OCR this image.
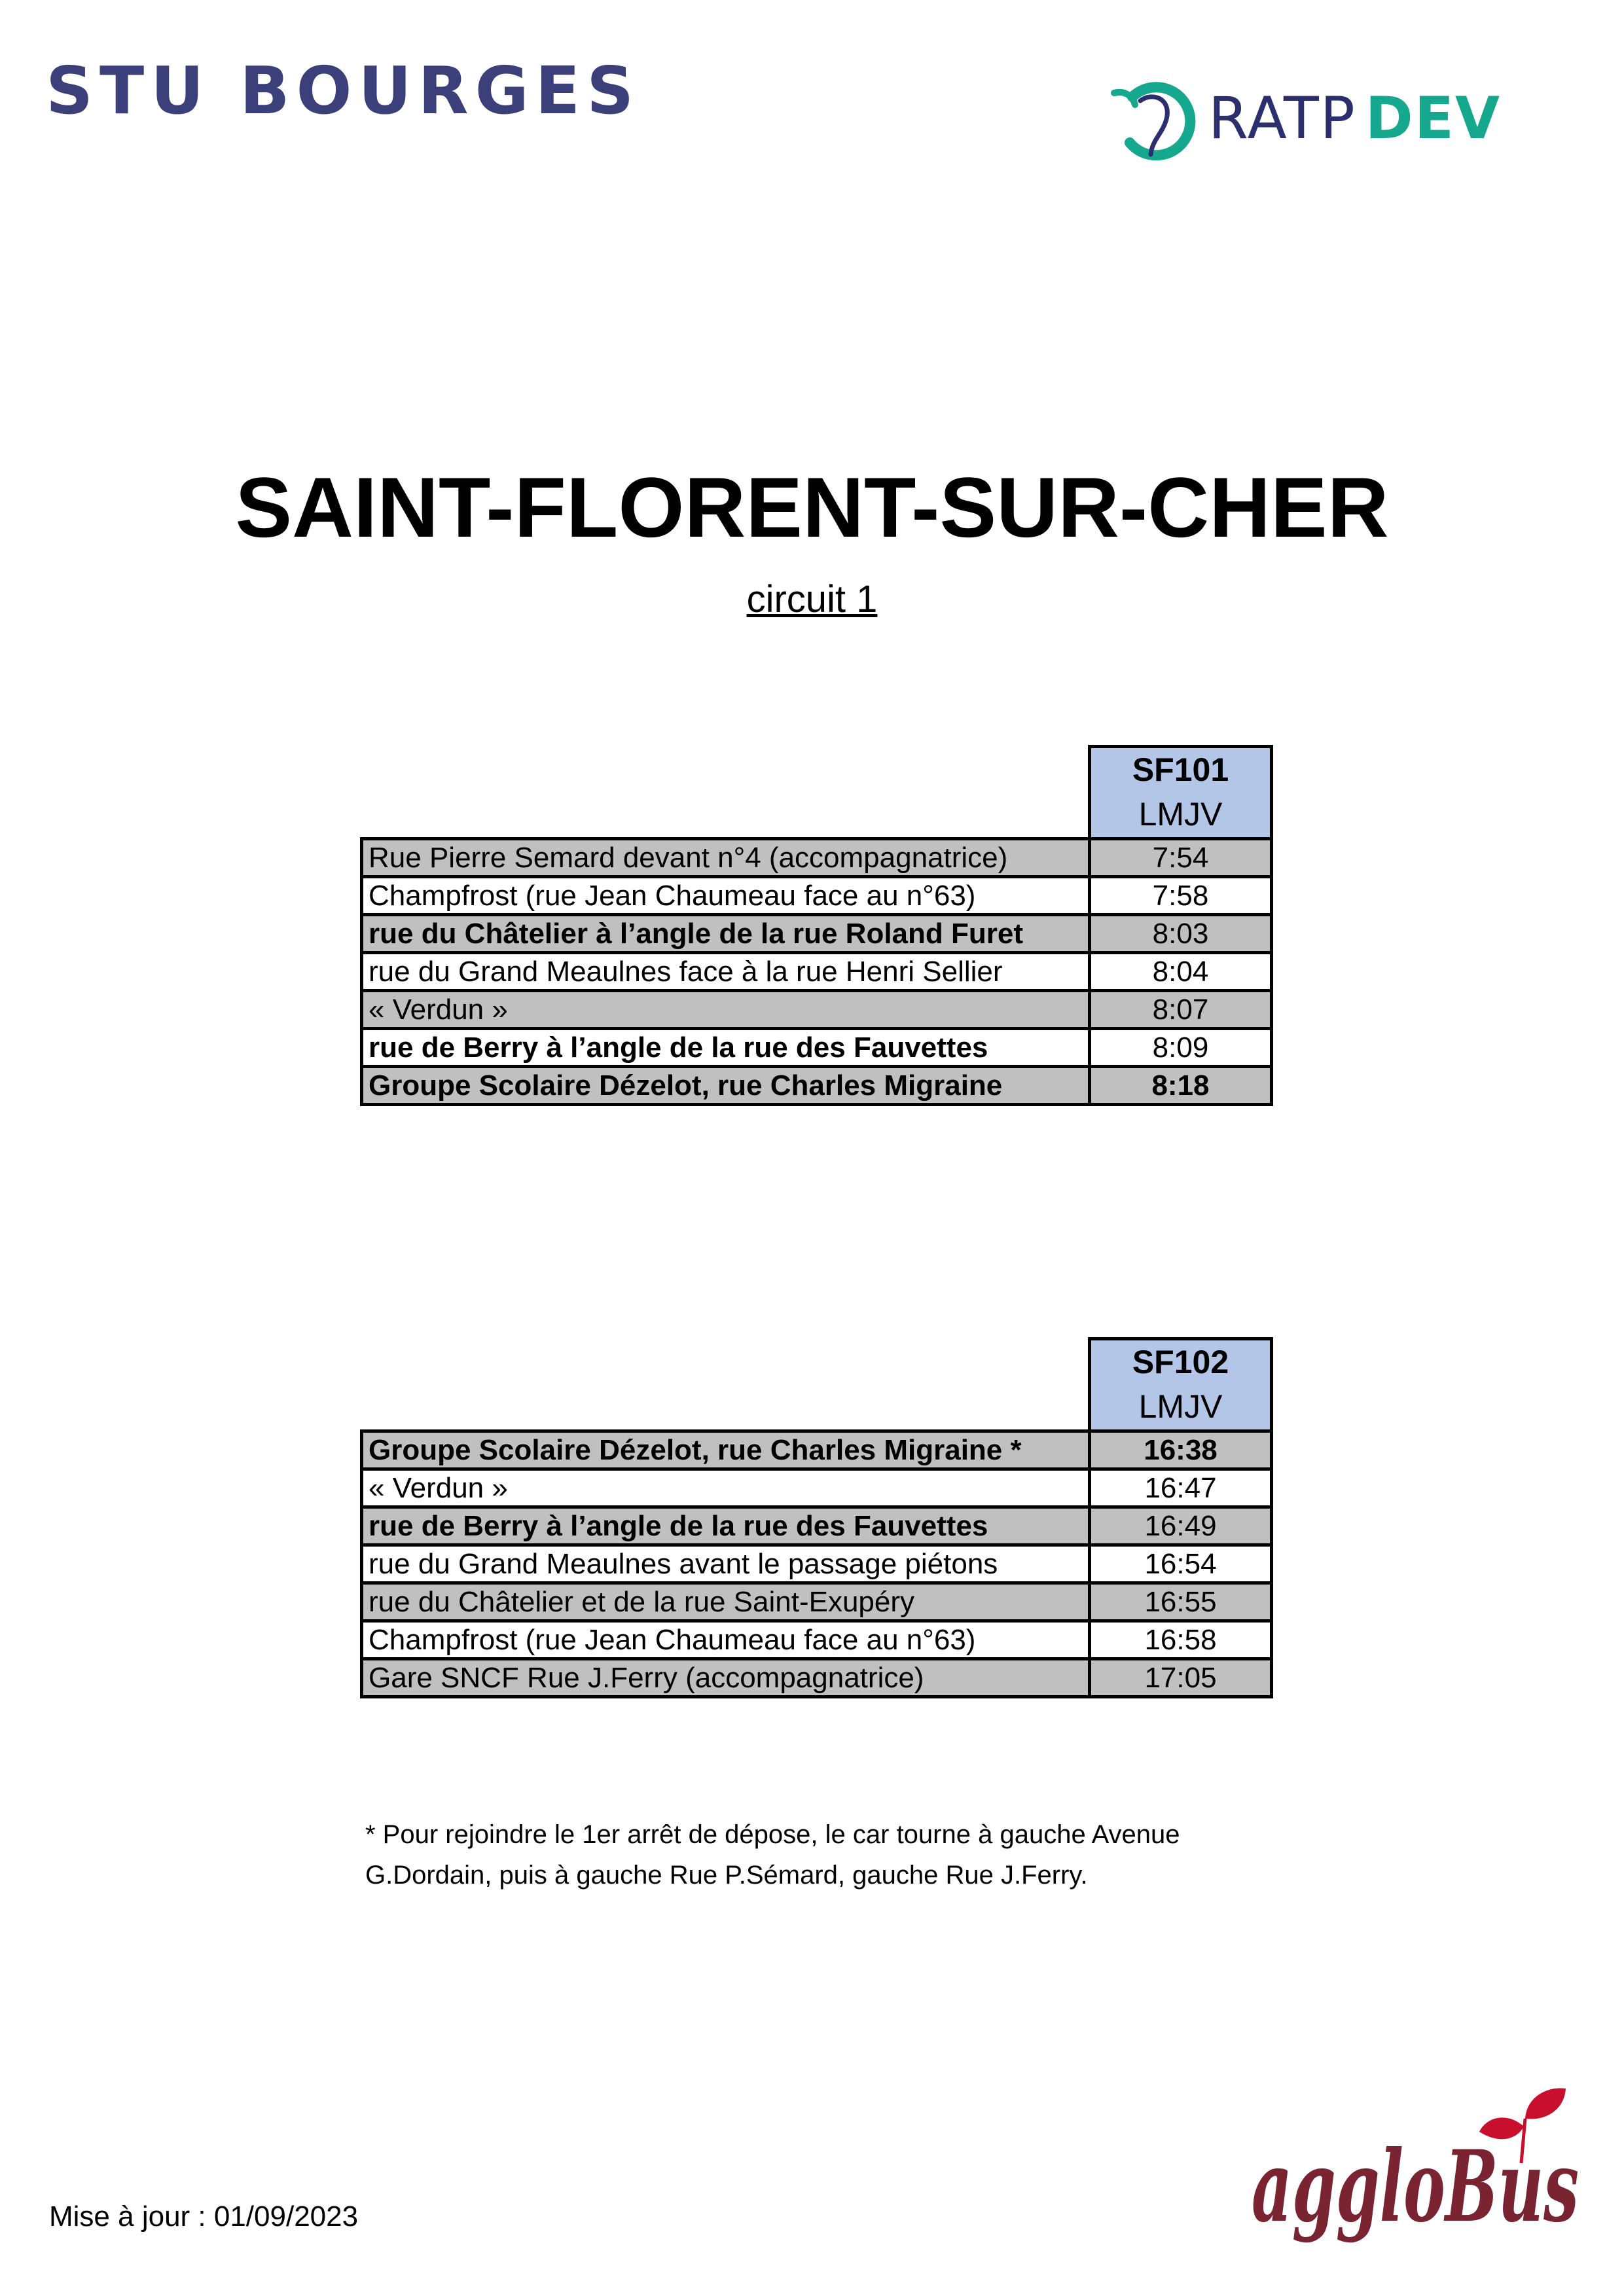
STU BOURGES	RATP DEV
SAINT-FLORENT-SUR-CHER
circuit 1
	SF101
	LMJV
Rue Pierre Semard devant n°4 (accompagnatrice)	7:54
Champfrost (rue Jean Chaumeau face au n°63)	7:58
rue du Châtelier à l’angle de la rue Roland Furet	8:03
rue du Grand Meaulnes face à la rue Henri Sellier	8:04
« Verdun »	8:07
rue de Berry à l’angle de la rue des Fauvettes	8:09
Groupe Scolaire Dézelot, rue Charles Migraine	8:18
	SF102
	LMJV
Groupe Scolaire Dézelot, rue Charles Migraine *	16:38
« Verdun »	16:47
rue de Berry à l’angle de la rue des Fauvettes	16:49
rue du Grand Meaulnes avant le passage piétons	16:54
rue du Châtelier et de la rue Saint-Exupéry	16:55
Champfrost (rue Jean Chaumeau face au n°63)	16:58
Gare SNCF Rue J.Ferry (accompagnatrice)	17:05
* Pour rejoindre le 1er arrêt de dépose, le car tourne à gauche Avenue G.Dordain, puis à gauche Rue P.Sémard, gauche Rue J.Ferry.
Mise à jour : 01/09/2023	aggloBus
